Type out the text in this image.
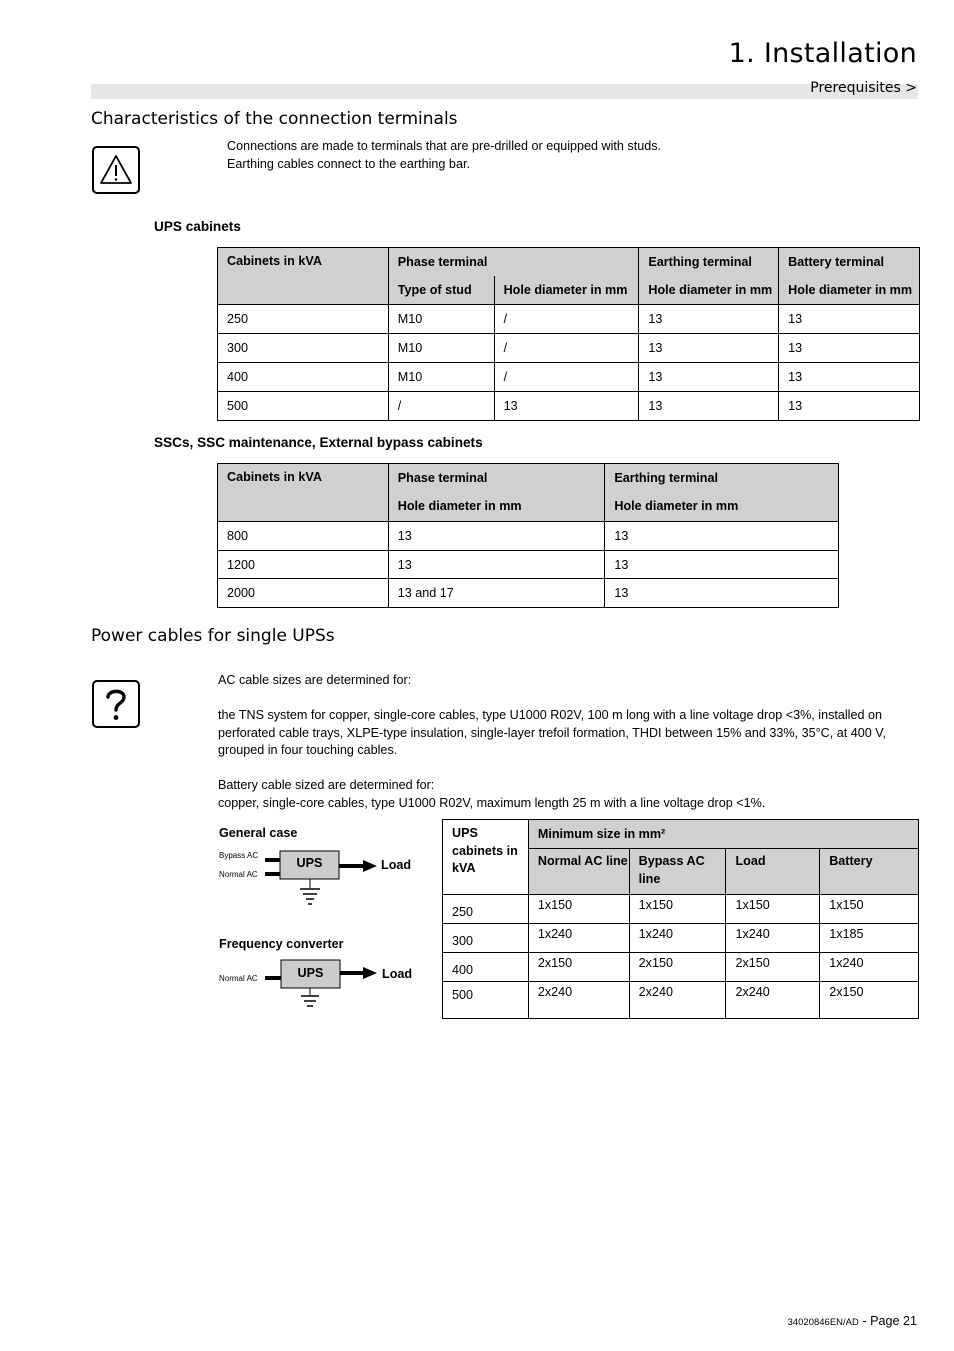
1. Installation
Prerequisites >
Characteristics of the connection terminals
Connections are made to terminals that are pre-drilled or equipped with studs.
Earthing cables connect to the earthing bar.
UPS cabinets
Cabinets in kVA	Phase terminal		Earthing terminal	Battery terminal
	Type of stud	Hole diameter in mm	Hole diameter in mm	Hole diameter in mm
250	M10	/	13	13
300	M10	/	13	13
400	M10	/	13	13
500	/	13	13	13
SSCs, SSC maintenance, External bypass cabinets
Cabinets in kVA	Phase terminal	Earthing terminal
	Hole diameter in mm	Hole diameter in mm
800	13	13
1200	13	13
2000	13 and 17	13
Power cables for single UPSs
AC cable sizes are determined for:
the TNS system for copper, single-core cables, type U1000 R02V, 100 m long with a line voltage drop <3%, installed on perforated cable trays, XLPE-type insulation, single-layer trefoil formation, THDI between 15% and 33%, 35°C, at 400 V, grouped in four touching cables.
Battery cable sized are determined for:
copper, single-core cables, type U1000 R02V, maximum length 25 m with a line voltage drop <1%.
General case
Bypass AC
Normal AC
UPS	Load
Frequency converter
Normal AC	UPS	Load
UPS cabinets in kVA	Minimum size in mm²			
	Normal AC line	Bypass AC line	Load	Battery
250	1x150	1x150	1x150	1x150
300	1x240	1x240	1x240	1x185
400	2x150	2x150	2x150	1x240
500	2x240	2x240	2x240	2x150
34020846EN/AD - Page 21
